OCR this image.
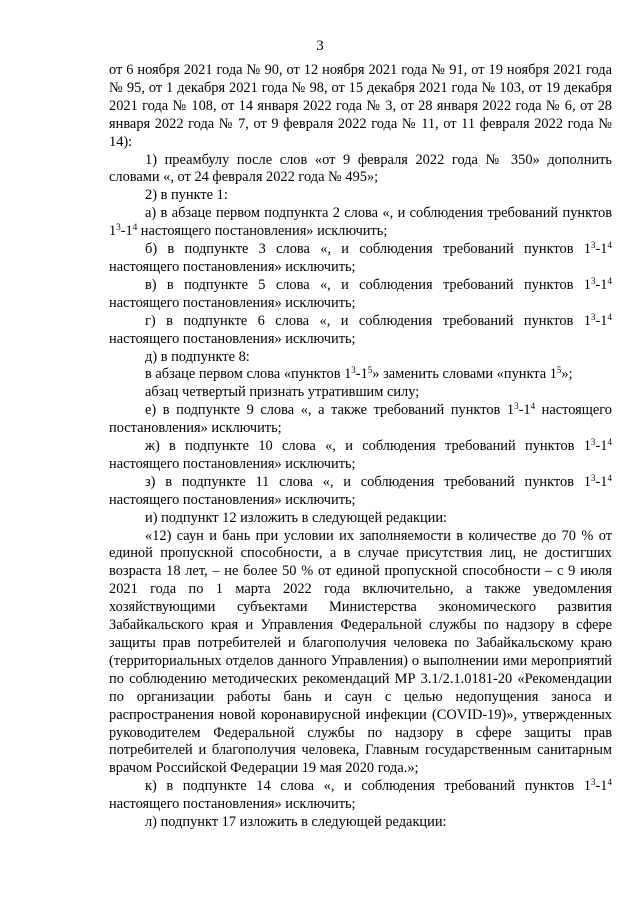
3

от 6 ноября 2021 года № 90, от 12 ноября 2021 года № 91, от 19 ноября 2021 года № 95, от 1 декабря 2021 года № 98, от 15 декабря 2021 года № 103, от 19 декабря 2021 года № 108, от 14 января 2022 года № 3, от 28 января 2022 года № 6, от 28 января 2022 года № 7, от 9 февраля 2022 года № 11, от 11 февраля 2022 года № 14):

1) преамбулу после слов «от 9 февраля 2022 года № 350» дополнить словами «, от 24 февраля 2022 года № 495»;

2) в пункте 1:

а) в абзаце первом подпункта 2 слова «, и соблюдения требований пунктов $1^3-1^4$ настоящего постановления» исключить;

б) в подпункте 3 слова «, и соблюдения требований пунктов $1^3-1^4$ настоящего постановления» исключить;

в) в подпункте 5 слова «, и соблюдения требований пунктов $1^3-1^4$ настоящего постановления» исключить;

г) в подпункте 6 слова «, и соблюдения требований пунктов $1^3-1^4$ настоящего постановления» исключить;

д) в подпункте 8:

в абзаце первом слова «пунктов $1^3-1^5$» заменить словами «пункта $1^5$»;

абзац четвертый признать утратившим силу;

е) в подпункте 9 слова «, а также требований пунктов $1^3-1^4$ настоящего постановления» исключить;

ж) в подпункте 10 слова «, и соблюдения требований пунктов $1^3-1^4$ настоящего постановления» исключить;

з) в подпункте 11 слова «, и соблюдения требований пунктов $1^3-1^4$ настоящего постановления» исключить;

и) подпункт 12 изложить в следующей редакции:

«12) саун и бань при условии их заполняемости в количестве до 70 % от единой пропускной способности, а в случае присутствия лиц, не достигших возраста 18 лет, – не более 50 % от единой пропускной способности – с 9 июля 2021 года по 1 марта 2022 года включительно, а также уведомления хозяйствующими субъектами Министерства экономического развития Забайкальского края и Управления Федеральной службы по надзору в сфере защиты прав потребителей и благополучия человека по Забайкальскому краю (территориальных отделов данного Управления) о выполнении ими мероприятий по соблюдению методических рекомендаций МР 3.1/2.1.0181-20 «Рекомендации по организации работы бань и саун с целью недопущения заноса и распространения новой коронавирусной инфекции (COVID-19)», утвержденных руководителем Федеральной службы по надзору в сфере защиты прав потребителей и благополучия человека, Главным государственным санитарным врачом Российской Федерации 19 мая 2020 года.»;

к) в подпункте 14 слова «, и соблюдения требований пунктов $1^3-1^4$ настоящего постановления» исключить;

л) подпункт 17 изложить в следующей редакции:
